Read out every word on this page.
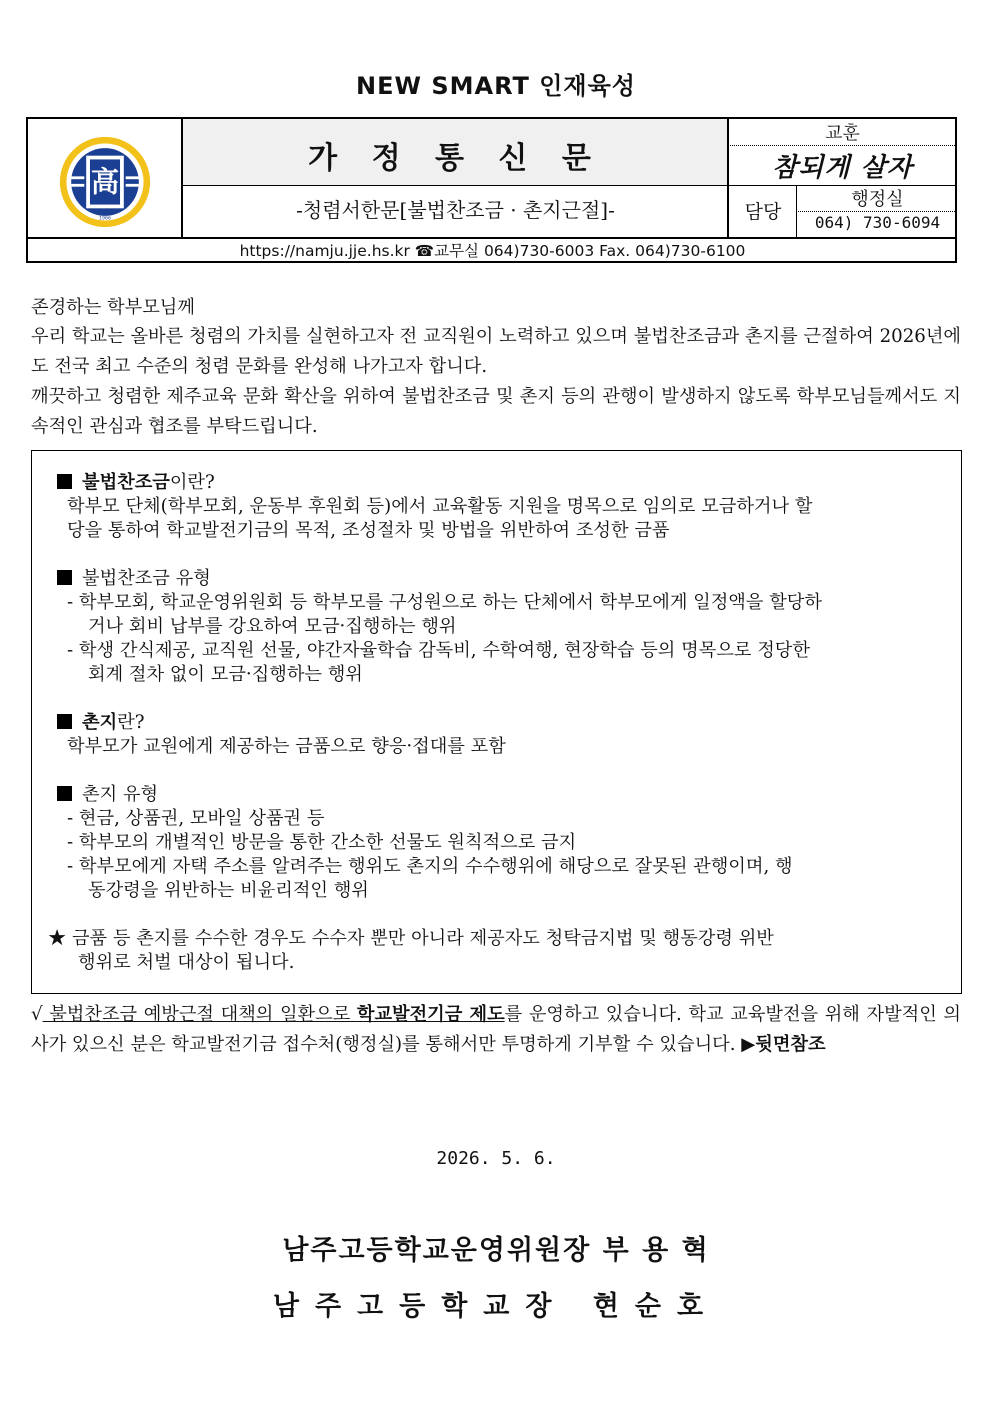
NEW SMART 인재육성
高
1966
가 정 통 신 문
-청렴서한문[불법찬조금 · 촌지근절]-
교훈
참되게 살자
담당
행정실
064) 730-6094
https://namju.jje.hs.kr ☎교무실 064)730-6003 Fax. 064)730-6100
존경하는 학부모님께
우리 학교는 올바른 청렴의 가치를 실현하고자 전 교직원이 노력하고 있으며 불법찬조금과 촌지를 근절하여 2026년에도 전국 최고 수준의 청렴 문화를 완성해 나가고자 합니다.
깨끗하고 청렴한 제주교육 문화 확산을 위하여 불법찬조금 및 촌지 등의 관행이 발생하지 않도록 학부모님들께서도 지속적인 관심과 협조를 부탁드립니다.
불법찬조금이란?
학부모 단체(학부모회, 운동부 후원회 등)에서 교육활동 지원을 명목으로 임의로 모금하거나 할
당을 통하여 학교발전기금의 목적, 조성절차 및 방법을 위반하여 조성한 금품
불법찬조금 유형
- 학부모회, 학교운영위원회 등 학부모를 구성원으로 하는 단체에서 학부모에게 일정액을 할당하
거나 회비 납부를 강요하여 모금·집행하는 행위
- 학생 간식제공, 교직원 선물, 야간자율학습 감독비, 수학여행, 현장학습 등의 명목으로 정당한
회계 절차 없이 모금·집행하는 행위
촌지란?
학부모가 교원에게 제공하는 금품으로 향응·접대를 포함
촌지 유형
- 현금, 상품권, 모바일 상품권 등
- 학부모의 개별적인 방문을 통한 간소한 선물도 원칙적으로 금지
- 학부모에게 자택 주소를 알려주는 행위도 촌지의 수수행위에 해당으로 잘못된 관행이며, 행
동강령을 위반하는 비윤리적인 행위
★ 금품 등 촌지를 수수한 경우도 수수자 뿐만 아니라 제공자도 청탁금지법 및 행동강령 위반
행위로 처벌 대상이 됩니다.
√ 불법찬조금 예방근절 대책의 일환으로 학교발전기금 제도를 운영하고 있습니다. 학교 교육발전을 위해 자발적인 의사가 있으신 분은 학교발전기금 접수처(행정실)를 통해서만 투명하게 기부할 수 있습니다. ▶뒷면참조
2026. 5. 6.
남주고등학교운영위원장 부 용 혁
남주고등학교장 현순호
